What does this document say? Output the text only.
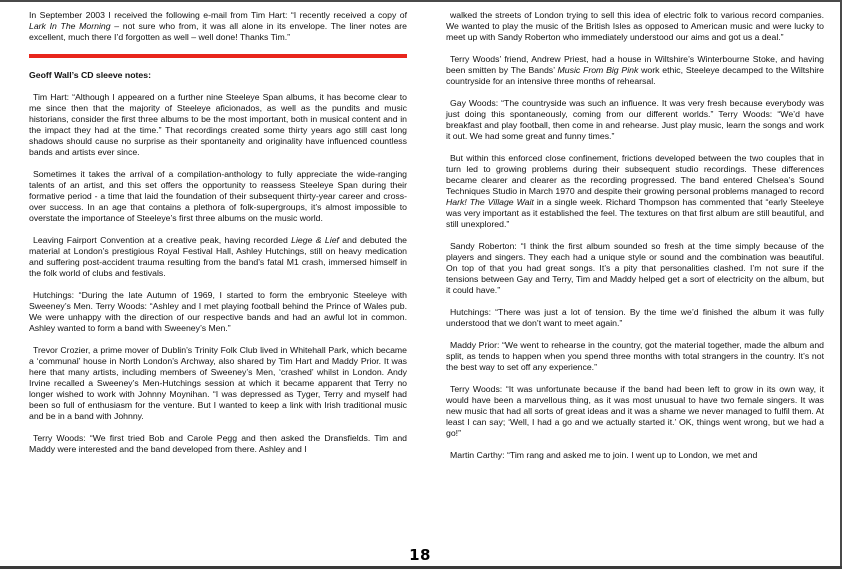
In September 2003 I received the following e-mail from Tim Hart: “I recently received a copy of Lark In The Morning – not sure who from, it was all alone in its envelope. The liner notes are excellent, much there I’d forgotten as well – well done! Thanks Tim.”

Geoff Wall’s CD sleeve notes:

Tim Hart: “Although I appeared on a further nine Steeleye Span albums, it has become clear to me since then that the majority of Steeleye aficionados, as well as the pundits and music historians, consider the first three albums to be the most important, both in musical content and in the impact they had at the time.” That recordings created some thirty years ago still cast long shadows should cause no surprise as their spontaneity and originality have influenced countless bands and artists ever since.

Sometimes it takes the arrival of a compilation-anthology to fully appreciate the wide-ranging talents of an artist, and this set offers the opportunity to reassess Steeleye Span during their formative period - a time that laid the foundation of their subsequent thirty-year career and cross-over success. In an age that contains a plethora of folk-supergroups, it’s almost impossible to overstate the importance of Steeleye’s first three albums on the music world.

Leaving Fairport Convention at a creative peak, having recorded Liege & Lief and debuted the material at London’s prestigious Royal Festival Hall, Ashley Hutchings, still on heavy medication and suffering post-accident trauma resulting from the band’s fatal M1 crash, immersed himself in the folk world of clubs and festivals.

Hutchings: “During the late Autumn of 1969, I started to form the embryonic Steeleye with Sweeney’s Men. Terry Woods: “Ashley and I met playing football behind the Prince of Wales pub. We were unhappy with the direction of our respective bands and had an awful lot in common. Ashley wanted to form a band with Sweeney’s Men.”

Trevor Crozier, a prime mover of Dublin’s Trinity Folk Club lived in Whitehall Park, which became a ‘communal’ house in North London’s Archway, also shared by Tim Hart and Maddy Prior. It was here that many artists, including members of Sweeney’s Men, ‘crashed’ whilst in London. Andy Irvine recalled a Sweeney’s Men-Hutchings session at which it became apparent that Terry no longer wished to work with Johnny Moynihan. “I was depressed as Tyger, Terry and myself had been so full of enthusiasm for the venture. But I wanted to keep a link with Irish traditional music and be in a band with Johnny.

Terry Woods: “We first tried Bob and Carole Pegg and then asked the Dransfields. Tim and Maddy were interested and the band developed from there. Ashley and I

walked the streets of London trying to sell this idea of electric folk to various record companies. We wanted to play the music of the British Isles as opposed to American music and were lucky to meet up with Sandy Roberton who immediately understood our aims and got us a deal.”

Terry Woods’ friend, Andrew Priest, had a house in Wiltshire’s Winterbourne Stoke, and having been smitten by The Bands’ Music From Big Pink work ethic, Steeleye decamped to the Wiltshire countryside for an intensive three months of rehearsal.

Gay Woods: “The countryside was such an influence. It was very fresh because everybody was just doing this spontaneously, coming from our different worlds.” Terry Woods: “We’d have breakfast and play football, then come in and rehearse. Just play music, learn the songs and work it out. We had some great and funny times.”

But within this enforced close confinement, frictions developed between the two couples that in turn led to growing problems during their subsequent studio recordings. These differences became clearer and clearer as the recording progressed. The band entered Chelsea’s Sound Techniques Studio in March 1970 and despite their growing personal problems managed to record Hark! The Village Wait in a single week. Richard Thompson has commented that “early Steeleye was very important as it established the feel. The textures on that first album are still beautiful, and still unexplored.”

Sandy Roberton: “I think the first album sounded so fresh at the time simply because of the players and singers. They each had a unique style or sound and the combination was beautiful. On top of that you had great songs. It’s a pity that personalities clashed. I’m not sure if the tensions between Gay and Terry, Tim and Maddy helped get a sort of electricity on the album, but it could have.”

Hutchings: “There was just a lot of tension. By the time we’d finished the album it was fully understood that we don’t want to meet again.”

Maddy Prior: “We went to rehearse in the country, got the material together, made the album and split, as tends to happen when you spend three months with total strangers in the country. It’s not the best way to set off any experience.”

Terry Woods: “It was unfortunate because if the band had been left to grow in its own way, it would have been a marvellous thing, as it was most unusual to have two female singers. It was new music that had all sorts of great ideas and it was a shame we never managed to fulfil them. At least I can say; ‘Well, I had a go and we actually started it.’ OK, things went wrong, but we had a go!”

Martin Carthy: “Tim rang and asked me to join. I went up to London, we met and

18
